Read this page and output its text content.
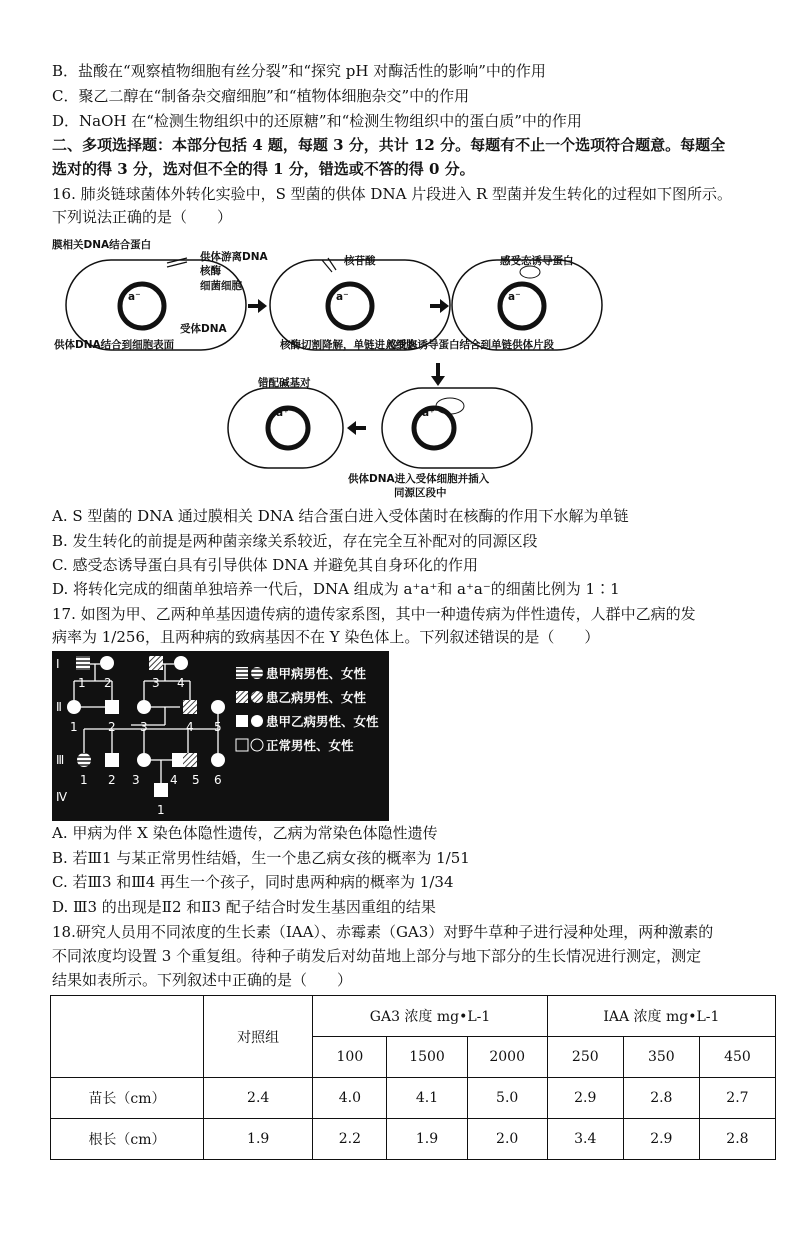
B．盐酸在“观察植物细胞有丝分裂”和“探究 pH 对酶活性的影响”中的作用
C．聚乙二醇在“制备杂交瘤细胞”和“植物体细胞杂交”中的作用
D．NaOH 在“检测生物组织中的还原糖”和“检测生物组织中的蛋白质”中的作用
二、多项选择题：本部分包括 4 题，每题 3 分，共计 12 分。每题有不止一个选项符合题意。每题全
选对的得 3 分，选对但不全的得 1 分，错选或不答的得 0 分。
16. 肺炎链球菌体外转化实验中，S 型菌的供体 DNA 片段进入 R 型菌并发生转化的过程如下图所示。
下列说法正确的是（　　）
a⁻
膜相关DNA结合蛋白
供体游离DNA
核酶
细菌细胞
受体DNA
供体DNA结合到细胞表面
a⁻
核苷酸
核酶切割降解，单链进入细胞
a⁻
感受态诱导蛋白
感受态诱导蛋白结合到单链供体片段
a⁺
供体DNA进入受体细胞并插入
同源区段中
a⁺
错配碱基对
A. S 型菌的 DNA 通过膜相关 DNA 结合蛋白进入受体菌时在核酶的作用下水解为单链
B. 发生转化的前提是两种菌亲缘关系较近，存在完全互补配对的同源区段
C. 感受态诱导蛋白具有引导供体 DNA 并避免其自身环化的作用
D. 将转化完成的细菌单独培养一代后，DNA 组成为 a⁺a⁺和 a⁺a⁻的细菌比例为 1∶1
17. 如图为甲、乙两种单基因遗传病的遗传家系图，其中一种遗传病为伴性遗传，人群中乙病的发
病率为 1/256，且两种病的致病基因不在 Y 染色体上。下列叙述错误的是（　　）
Ⅰ
Ⅱ
Ⅲ
Ⅳ
1 2	3 4
1	2 3	4 5
1 2 3	4 5 6
1
患甲病男性、女性
患乙病男性、女性
患甲乙病男性、女性
正常男性、女性
A. 甲病为伴 X 染色体隐性遗传，乙病为常染色体隐性遗传
B. 若Ⅲ1 与某正常男性结婚，生一个患乙病女孩的概率为 1/51
C. 若Ⅲ3 和Ⅲ4 再生一个孩子，同时患两种病的概率为 1/34
D. Ⅲ3 的出现是Ⅱ2 和Ⅱ3 配子结合时发生基因重组的结果
18.研究人员用不同浓度的生长素（IAA）、赤霉素（GA3）对野牛草种子进行浸种处理，两种激素的
不同浓度均设置 3 个重复组。待种子萌发后对幼苗地上部分与地下部分的生长情况进行测定，测定
结果如表所示。下列叙述中正确的是（　　）
	对照组	GA3 浓度 mg•L-1			IAA 浓度 mg•L-1		
		100	1500	2000	250	350	450
苗长（cm）	2.4	4.0	4.1	5.0	2.9	2.8	2.7
根长（cm）	1.9	2.2	1.9	2.0	3.4	2.9	2.8
